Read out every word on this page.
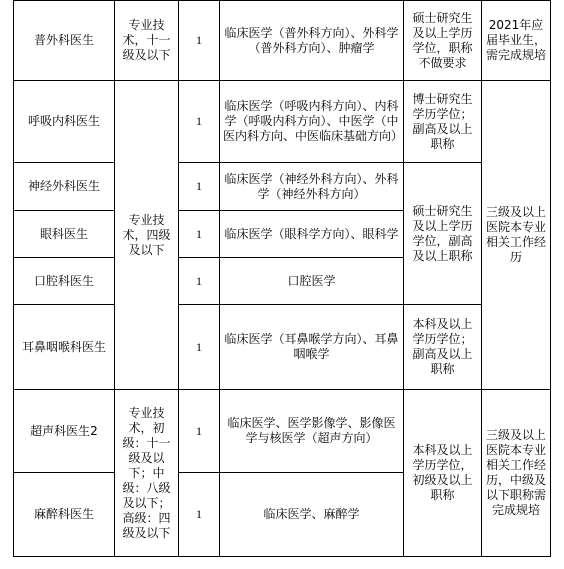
普外科医生	专业技术，十一级及以下	1	临床医学（普外科方向）、外科学（普外科方向）、肿瘤学	硕士研究生及以上学历学位，职称不做要求	2021年应届毕业生，需完成规培
呼吸内科医生	专业技术，四级及以下	1	临床医学（呼吸内科方向）、内科学（呼吸内科方向）、中医学（中医内科方向、中医临床基础方向）	博士研究生学历学位；副高及以上职称	三级及以上医院本专业相关工作经历
神经外科医生		1	临床医学（神经外科方向）、外科学（神经外科方向）	硕士研究生及以上学历学位，副高及以上职称	
眼科医生		1	临床医学（眼科学方向）、眼科学		
口腔科医生		1	口腔医学		
耳鼻咽喉科医生		1	临床医学（耳鼻喉学方向）、耳鼻咽喉学	本科及以上学历学位；副高及以上职称	
超声科医生2	专业技术，初级：十一级及以下；中级：八级及以下；高级：四级及以下	1	临床医学、医学影像学、影像医学与核医学（超声方向）	本科及以上学历学位，初级及以上职称	三级及以上医院本专业相关工作经历，中级及以下职称需完成规培
麻醉科医生		1	临床医学、麻醉学		
